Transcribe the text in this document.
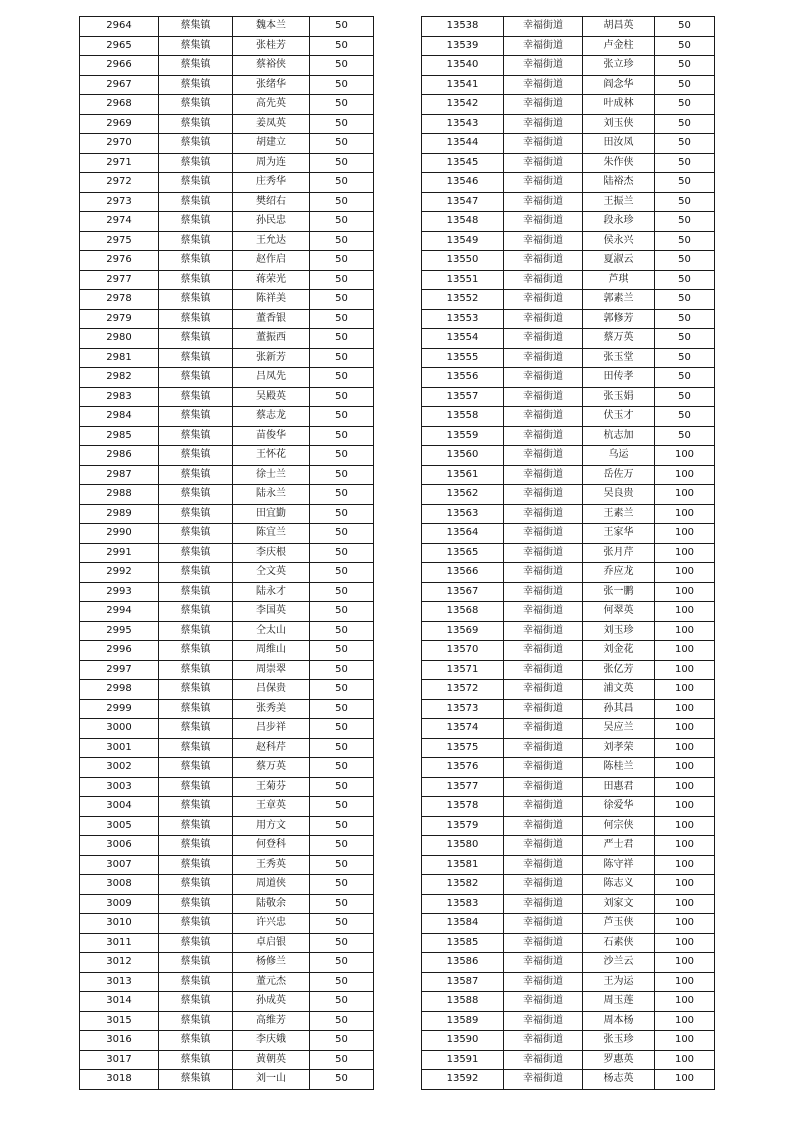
2964	蔡集镇	魏本兰	50
2965	蔡集镇	张桂芳	50
2966	蔡集镇	蔡裕侠	50
2967	蔡集镇	张绪华	50
2968	蔡集镇	高先英	50
2969	蔡集镇	姜凤英	50
2970	蔡集镇	胡建立	50
2971	蔡集镇	周为连	50
2972	蔡集镇	庄秀华	50
2973	蔡集镇	樊绍右	50
2974	蔡集镇	孙民忠	50
2975	蔡集镇	王允达	50
2976	蔡集镇	赵作启	50
2977	蔡集镇	蒋荣光	50
2978	蔡集镇	陈祥美	50
2979	蔡集镇	董香银	50
2980	蔡集镇	董振西	50
2981	蔡集镇	张新芳	50
2982	蔡集镇	吕凤先	50
2983	蔡集镇	吴殿英	50
2984	蔡集镇	蔡志龙	50
2985	蔡集镇	苗俊华	50
2986	蔡集镇	王怀花	50
2987	蔡集镇	徐士兰	50
2988	蔡集镇	陆永兰	50
2989	蔡集镇	田宜勤	50
2990	蔡集镇	陈宜兰	50
2991	蔡集镇	李庆根	50
2992	蔡集镇	仝文英	50
2993	蔡集镇	陆永才	50
2994	蔡集镇	李国英	50
2995	蔡集镇	仝太山	50
2996	蔡集镇	周维山	50
2997	蔡集镇	周崇翠	50
2998	蔡集镇	吕保贵	50
2999	蔡集镇	张秀美	50
3000	蔡集镇	吕步祥	50
3001	蔡集镇	赵科芹	50
3002	蔡集镇	蔡万英	50
3003	蔡集镇	王菊芬	50
3004	蔡集镇	王章英	50
3005	蔡集镇	用方文	50
3006	蔡集镇	何登科	50
3007	蔡集镇	王秀英	50
3008	蔡集镇	周道侠	50
3009	蔡集镇	陆敬余	50
3010	蔡集镇	许兴忠	50
3011	蔡集镇	卓启银	50
3012	蔡集镇	杨修兰	50
3013	蔡集镇	董元杰	50
3014	蔡集镇	孙成英	50
3015	蔡集镇	高维芳	50
3016	蔡集镇	李庆娥	50
3017	蔡集镇	黄朝英	50
3018	蔡集镇	刘一山	50
13538	幸福街道	胡昌英	50
13539	幸福街道	卢金柱	50
13540	幸福街道	张立珍	50
13541	幸福街道	阎念华	50
13542	幸福街道	叶成林	50
13543	幸福街道	刘玉侠	50
13544	幸福街道	田汝凤	50
13545	幸福街道	朱作侠	50
13546	幸福街道	陆裕杰	50
13547	幸福街道	王振兰	50
13548	幸福街道	段永珍	50
13549	幸福街道	侯永兴	50
13550	幸福街道	夏淑云	50
13551	幸福街道	芦琪	50
13552	幸福街道	郭素兰	50
13553	幸福街道	郭修芳	50
13554	幸福街道	蔡万英	50
13555	幸福街道	张玉堂	50
13556	幸福街道	田传孝	50
13557	幸福街道	张玉娟	50
13558	幸福街道	伏玉才	50
13559	幸福街道	杭志加	50
13560	幸福街道	乌运	100
13561	幸福街道	岳佐万	100
13562	幸福街道	吴良贵	100
13563	幸福街道	王素兰	100
13564	幸福街道	王家华	100
13565	幸福街道	张月芹	100
13566	幸福街道	乔应龙	100
13567	幸福街道	张一鹏	100
13568	幸福街道	何翠英	100
13569	幸福街道	刘玉珍	100
13570	幸福街道	刘金花	100
13571	幸福街道	张亿芳	100
13572	幸福街道	浦文英	100
13573	幸福街道	孙其昌	100
13574	幸福街道	吴应兰	100
13575	幸福街道	刘孝荣	100
13576	幸福街道	陈桂兰	100
13577	幸福街道	田惠君	100
13578	幸福街道	徐爱华	100
13579	幸福街道	何宗侠	100
13580	幸福街道	严士君	100
13581	幸福街道	陈守祥	100
13582	幸福街道	陈志义	100
13583	幸福街道	刘家文	100
13584	幸福街道	芦玉侠	100
13585	幸福街道	石素侠	100
13586	幸福街道	沙兰云	100
13587	幸福街道	王为运	100
13588	幸福街道	周玉莲	100
13589	幸福街道	周本杨	100
13590	幸福街道	张玉珍	100
13591	幸福街道	罗惠英	100
13592	幸福街道	杨志英	100
